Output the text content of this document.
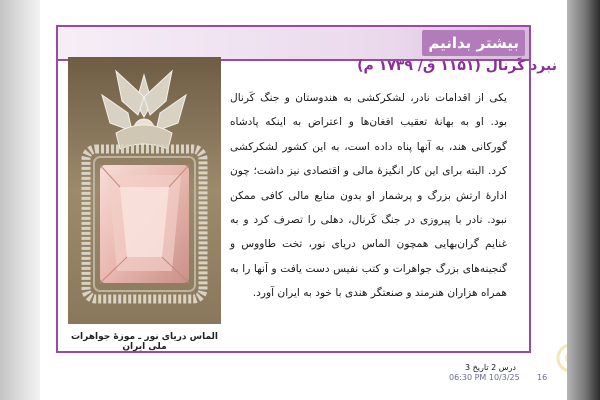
بیشتر بدانیم
نبرد کَرنال (۱۱۵۱ ق/ ۱۷۳۹ م)
یکی از اقدامات نادر، لشکرکشی به هندوستان و جنگ کَرنال بود. او به بهانهٔ تعقیب افغان‌ها و اعتراض به اینکه پادشاه گورکانی هند، به آنها پناه داده است، به این کشور لشکرکشی کرد. البته برای این کار انگیزهٔ مالی و اقتصادی نیز داشت؛ چون ادارهٔ ارتش بزرگ و پرشمار او بدون منابع مالی کافی ممکن نبود. نادر با پیروزی در جنگ کَرنال، دهلی را تصرف کرد و به غنایم گران‌بهایی همچون الماس دریای نور، تخت طاووس و گنجینه‌های بزرگ جواهرات و کتب نفیس دست یافت و آنها را به همراه هزاران هنرمند و صنعتگر هندی با خود به ایران آورد.
الماس دریای نور ـ موزهٔ جواهرات ملی ایران
درس 2 تاریخ 3
06:30 PM 10/3/25 16
